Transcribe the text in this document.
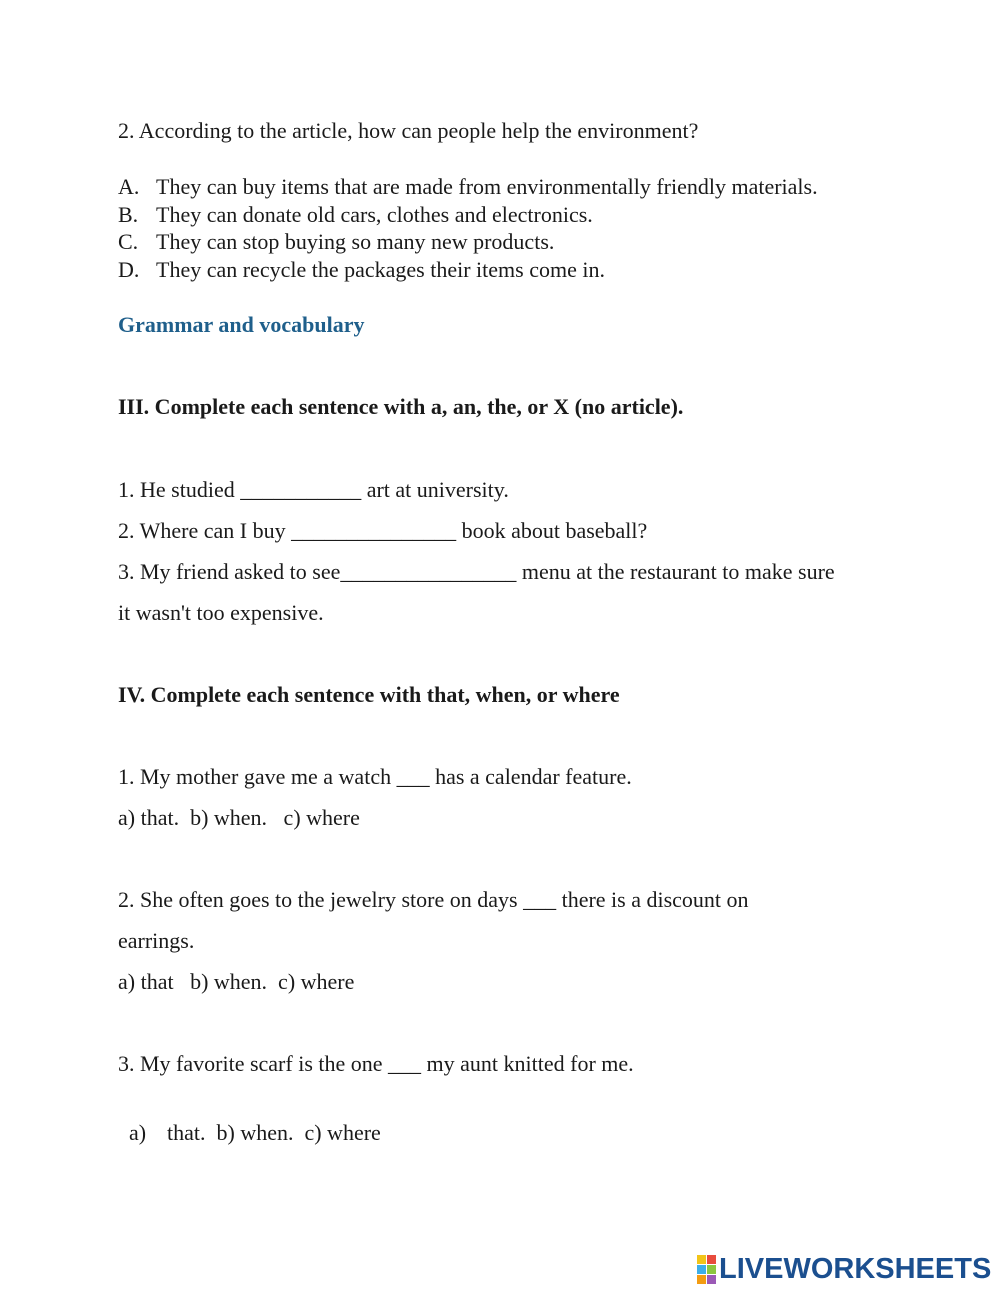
2. According to the article, how can people help the environment?
A. They can buy items that are made from environmentally friendly materials.
B. They can donate old cars, clothes and electronics.
C. They can stop buying so many new products.
D. They can recycle the packages their items come in.
Grammar and vocabulary
III. Complete each sentence with a, an, the, or X (no article).
1. He studied ___________ art at university.
2. Where can I buy _______________ book about baseball?
3. My friend asked to see________________ menu at the restaurant to make sure
it wasn't too expensive.
IV. Complete each sentence with that, when, or where
1. My mother gave me a watch ___ has a calendar feature.
a) that.  b) when.   c) where
2. She often goes to the jewelry store on days ___ there is a discount on
earrings.
a) that   b) when.  c) where
3. My favorite scarf is the one ___ my aunt knitted for me.

a) that.  b) when.  c) where

LIVEWORKSHEETS
